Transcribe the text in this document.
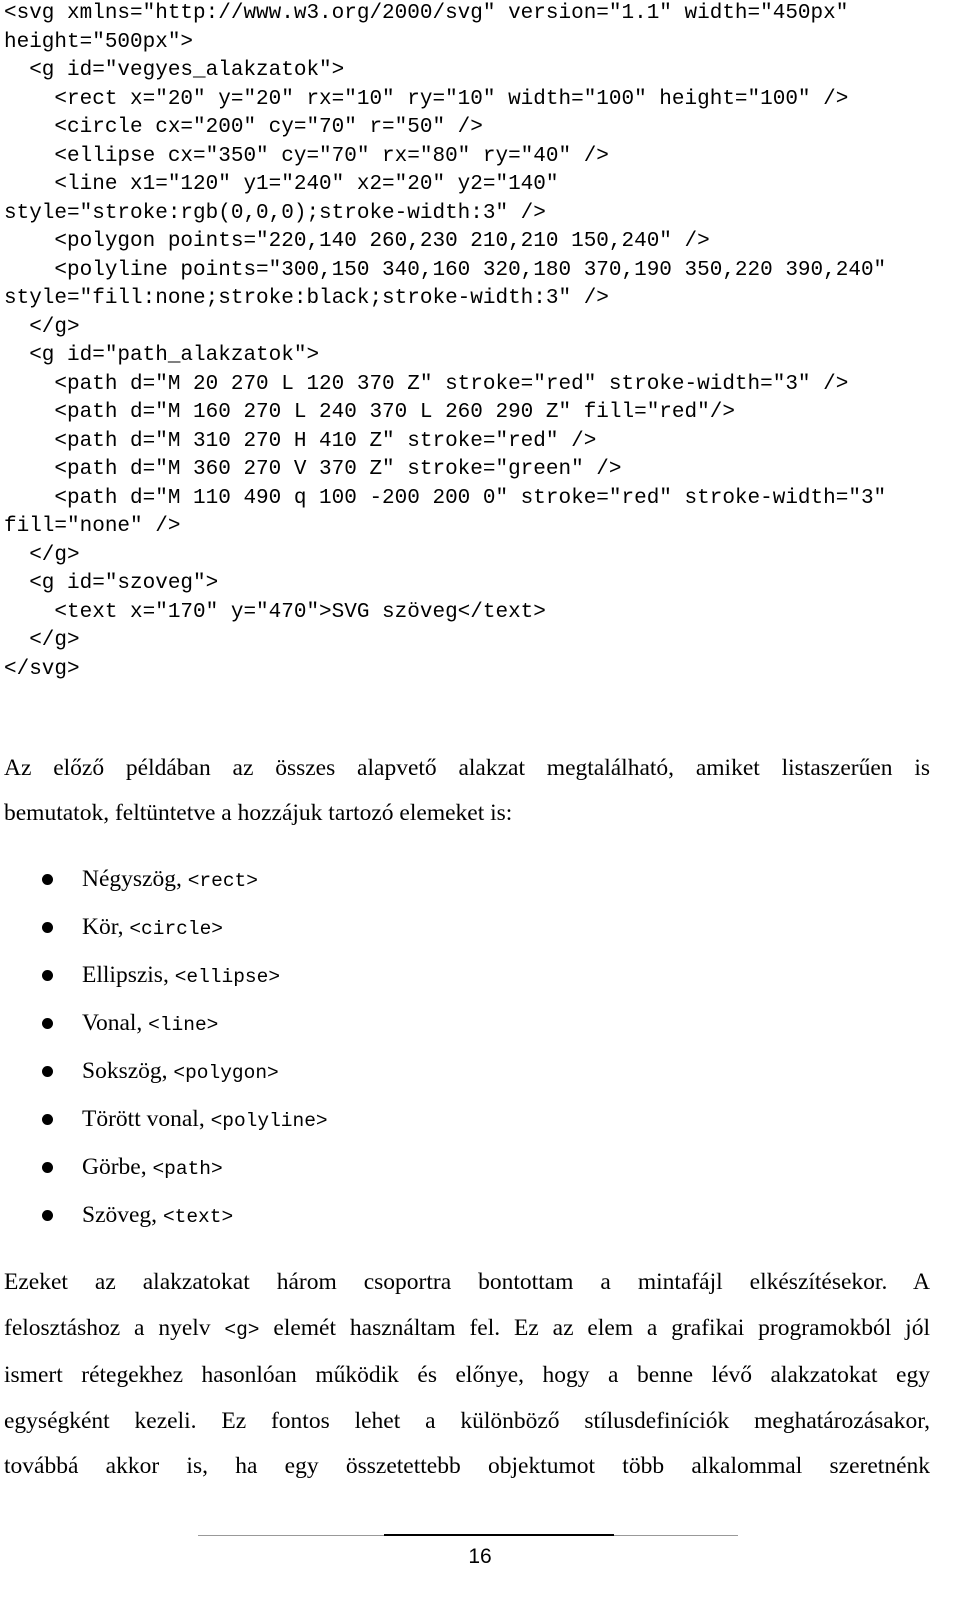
<svg xmlns="http://www.w3.org/2000/svg" version="1.1" width="450px"
height="500px">
<g id="vegyes_alakzatok">
<rect x="20" y="20" rx="10" ry="10" width="100" height="100" />
<circle cx="200" cy="70" r="50" />
<ellipse cx="350" cy="70" rx="80" ry="40" />
<line x1="120" y1="240" x2="20" y2="140"
style="stroke:rgb(0,0,0);stroke-width:3" />
<polygon points="220,140 260,230 210,210 150,240" />
<polyline points="300,150 340,160 320,180 370,190 350,220 390,240"
style="fill:none;stroke:black;stroke-width:3" />
</g>
<g id="path_alakzatok">
<path d="M 20 270 L 120 370 Z" stroke="red" stroke-width="3" />
<path d="M 160 270 L 240 370 L 260 290 Z" fill="red"/>
<path d="M 310 270 H 410 Z" stroke="red" />
<path d="M 360 270 V 370 Z" stroke="green" />
<path d="M 110 490 q 100 -200 200 0" stroke="red" stroke-width="3"
fill="none" />
</g>
<g id="szoveg">
<text x="170" y="470">SVG szöveg</text>
</g>
</svg>

Az előző példában az összes alapvető alakzat megtalálható, amiket listaszerűen is
bemutatok, feltüntetve a hozzájuk tartozó elemeket is:

Négyszög, <rect>
Kör, <circle>
Ellipszis, <ellipse>
Vonal, <line>
Sokszög, <polygon>
Törött vonal, <polyline>
Görbe, <path>
Szöveg, <text>

Ezeket az alakzatokat három csoportra bontottam a mintafájl elkészítésekor. A
felosztáshoz a nyelv <g> elemét használtam fel. Ez az elem a grafikai programokból jól
ismert rétegekhez hasonlóan működik és előnye, hogy a benne lévő alakzatokat egy
egységként kezeli. Ez fontos lehet a különböző stílusdefiníciók meghatározásakor,
továbbá akkor is, ha egy összetettebb objektumot több alkalommal szeretnénk

16
